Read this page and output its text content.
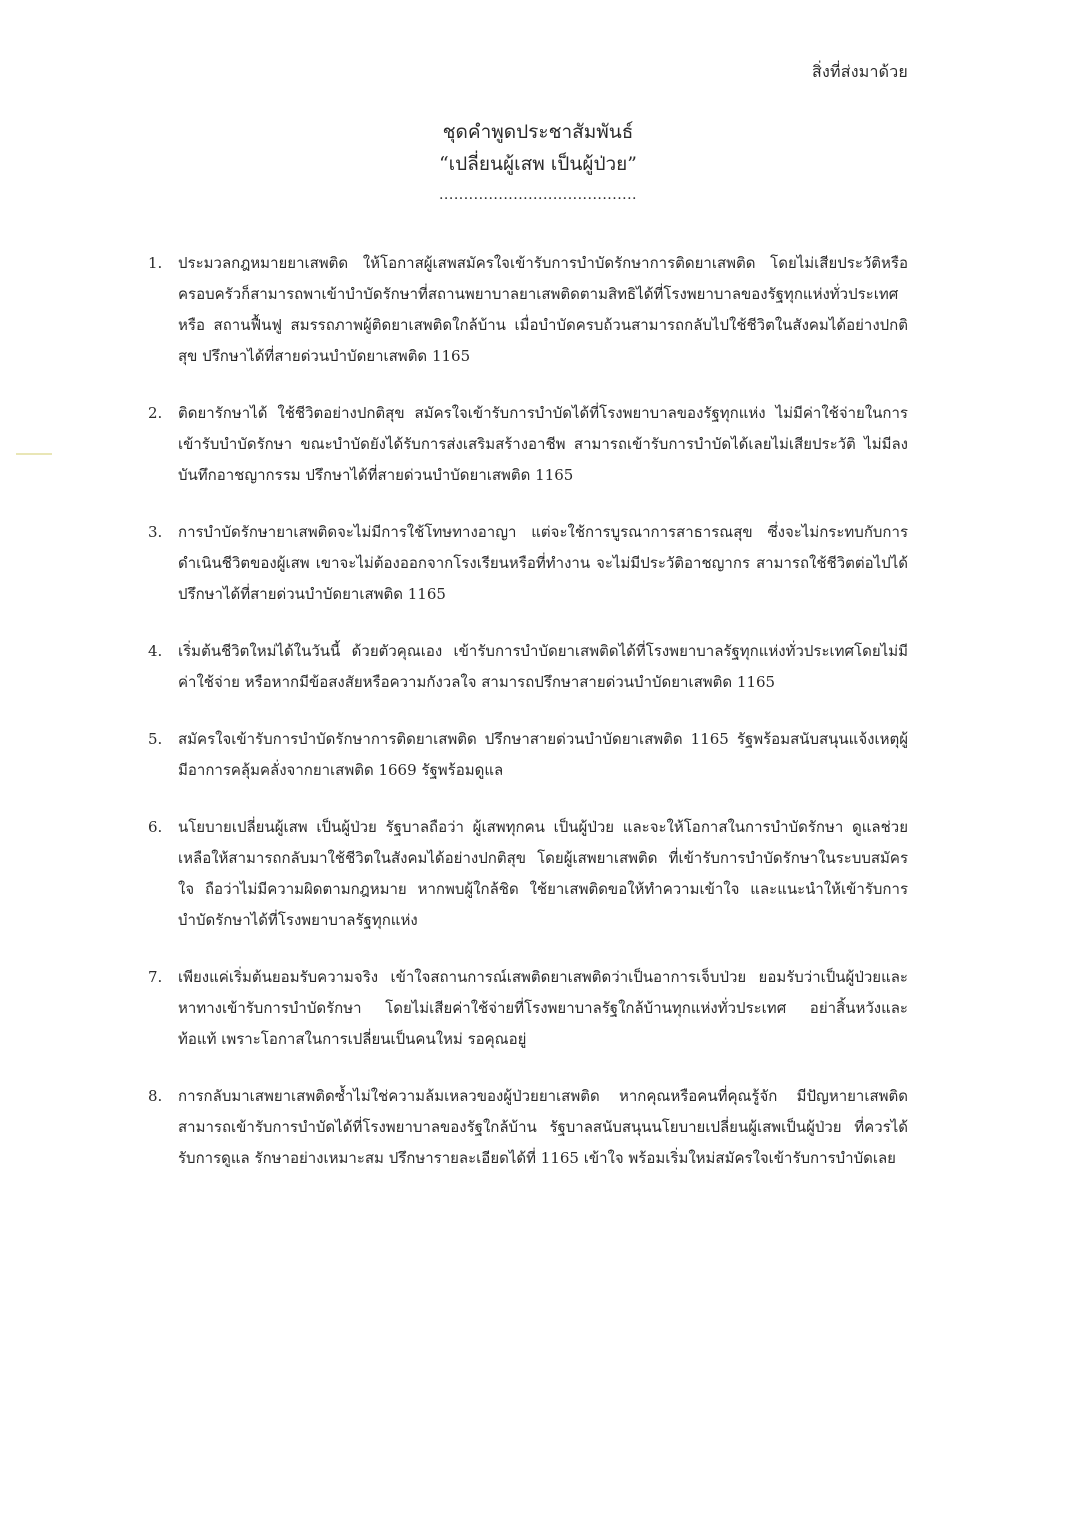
สิ่งที่ส่งมาด้วย

ชุดคำพูดประชาสัมพันธ์

“เปลี่ยนผู้เสพ เป็นผู้ป่วย”

........................................
1. ประมวลกฎหมายยาเสพติด ให้โอกาสผู้เสพสมัครใจเข้ารับการบำบัดรักษาการติดยาเสพติด โดยไม่เสียประวัติหรือครอบครัวก็สามารถพาเข้าบำบัดรักษาที่สถานพยาบาลยาเสพติดตามสิทธิได้ที่โรงพยาบาลของรัฐทุกแห่งทั่วประเทศ หรือ สถานฟื้นฟู สมรรถภาพผู้ติดยาเสพติดใกล้บ้าน เมื่อบำบัดครบถ้วนสามารถกลับไปใช้ชีวิตในสังคมได้อย่างปกติสุข ปรึกษาได้ที่สายด่วนบำบัดยาเสพติด 1165
2. ติดยารักษาได้ ใช้ชีวิตอย่างปกติสุข สมัครใจเข้ารับการบำบัดได้ที่โรงพยาบาลของรัฐทุกแห่ง ไม่มีค่าใช้จ่ายในการเข้ารับบำบัดรักษา ขณะบำบัดยังได้รับการส่งเสริมสร้างอาชีพ สามารถเข้ารับการบำบัดได้เลยไม่เสียประวัติ ไม่มีลงบันทึกอาชญากรรม ปรึกษาได้ที่สายด่วนบำบัดยาเสพติด 1165
3. การบำบัดรักษายาเสพติดจะไม่มีการใช้โทษทางอาญา แต่จะใช้การบูรณาการสาธารณสุข ซึ่งจะไม่กระทบกับการดำเนินชีวิตของผู้เสพ เขาจะไม่ต้องออกจากโรงเรียนหรือที่ทำงาน จะไม่มีประวัติอาชญากร สามารถใช้ชีวิตต่อไปได้ ปรึกษาได้ที่สายด่วนบำบัดยาเสพติด 1165
4. เริ่มต้นชีวิตใหม่ได้ในวันนี้ ด้วยตัวคุณเอง เข้ารับการบำบัดยาเสพติดได้ที่โรงพยาบาลรัฐทุกแห่งทั่วประเทศโดยไม่มีค่าใช้จ่าย หรือหากมีข้อสงสัยหรือความกังวลใจ สามารถปรึกษาสายด่วนบำบัดยาเสพติด 1165
5. สมัครใจเข้ารับการบำบัดรักษาการติดยาเสพติด ปรึกษาสายด่วนบำบัดยาเสพติด 1165 รัฐพร้อมสนับสนุนแจ้งเหตุผู้มีอาการคลุ้มคลั่งจากยาเสพติด 1669 รัฐพร้อมดูแล
6. นโยบายเปลี่ยนผู้เสพ เป็นผู้ป่วย รัฐบาลถือว่า ผู้เสพทุกคน เป็นผู้ป่วย และจะให้โอกาสในการบำบัดรักษา ดูแลช่วยเหลือให้สามารถกลับมาใช้ชีวิตในสังคมได้อย่างปกติสุข โดยผู้เสพยาเสพติด ที่เข้ารับการบำบัดรักษาในระบบสมัครใจ ถือว่าไม่มีความผิดตามกฎหมาย หากพบผู้ใกล้ชิด ใช้ยาเสพติดขอให้ทำความเข้าใจ และแนะนำให้เข้ารับการบำบัดรักษาได้ที่โรงพยาบาลรัฐทุกแห่ง
7. เพียงแค่เริ่มต้นยอมรับความจริง เข้าใจสถานการณ์เสพติดยาเสพติดว่าเป็นอาการเจ็บป่วย ยอมรับว่าเป็นผู้ป่วยและหาทางเข้ารับการบำบัดรักษา โดยไม่เสียค่าใช้จ่ายที่โรงพยาบาลรัฐใกล้บ้านทุกแห่งทั่วประเทศ อย่าสิ้นหวังและท้อแท้ เพราะโอกาสในการเปลี่ยนเป็นคนใหม่ รอคุณอยู่
8. การกลับมาเสพยาเสพติดซ้ำไม่ใช่ความล้มเหลวของผู้ป่วยยาเสพติด หากคุณหรือคนที่คุณรู้จัก มีปัญหายาเสพติดสามารถเข้ารับการบำบัดได้ที่โรงพยาบาลของรัฐใกล้บ้าน รัฐบาลสนับสนุนนโยบายเปลี่ยนผู้เสพเป็นผู้ป่วย ที่ควรได้รับการดูแล รักษาอย่างเหมาะสม ปรึกษารายละเอียดได้ที่ 1165 เข้าใจ พร้อมเริ่มใหม่สมัครใจเข้ารับการบำบัดเลย
